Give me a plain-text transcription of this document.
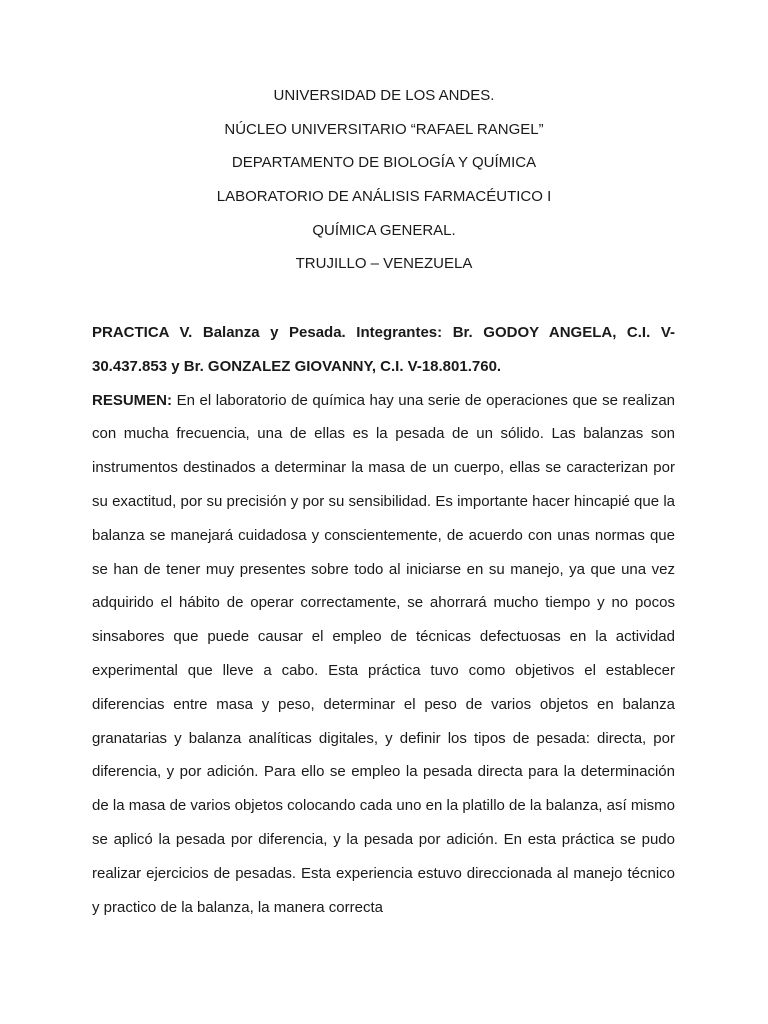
UNIVERSIDAD DE LOS ANDES.
NÚCLEO UNIVERSITARIO “RAFAEL RANGEL”
DEPARTAMENTO DE BIOLOGÍA Y QUÍMICA
LABORATORIO DE ANÁLISIS FARMACÉUTICO I
QUÍMICA GENERAL.
TRUJILLO – VENEZUELA

PRACTICA V. Balanza y Pesada. Integrantes: Br. GODOY ANGELA, C.I. V-30.437.853 y Br. GONZALEZ GIOVANNY, C.I. V-18.801.760.

RESUMEN: En el laboratorio de química hay una serie de operaciones que se realizan con mucha frecuencia, una de ellas es la pesada de un sólido. Las balanzas son instrumentos destinados a determinar la masa de un cuerpo, ellas se caracterizan por su exactitud, por su precisión y por su sensibilidad. Es importante hacer hincapié que la balanza se manejará cuidadosa y conscientemente, de acuerdo con unas normas que se han de tener muy presentes sobre todo al iniciarse en su manejo, ya que una vez adquirido el hábito de operar correctamente, se ahorrará mucho tiempo y no pocos sinsabores que puede causar el empleo de técnicas defectuosas en la actividad experimental que lleve a cabo. Esta práctica tuvo como objetivos el establecer diferencias entre masa y peso, determinar el peso de varios objetos en balanza granatarias y balanza analíticas digitales, y definir los tipos de pesada: directa, por diferencia, y por adición. Para ello se empleo la pesada directa para la determinación de la masa de varios objetos colocando cada uno en la platillo de la balanza, así mismo se aplicó la pesada por diferencia, y la pesada por adición. En esta práctica se pudo realizar ejercicios de pesadas. Esta experiencia estuvo direccionada al manejo técnico y practico de la balanza, la manera correcta
